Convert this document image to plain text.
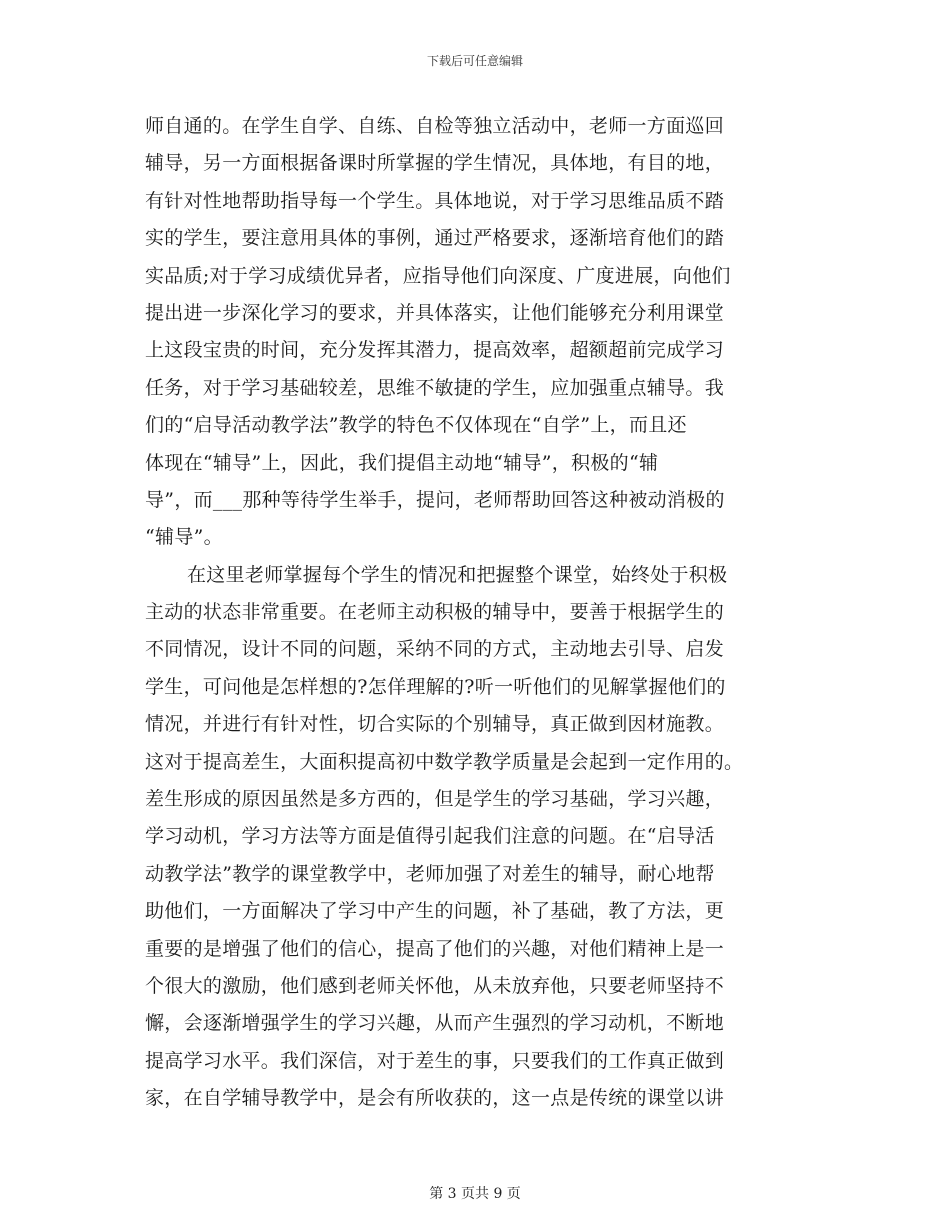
下载后可任意编辑
师自通的。在学生自学、自练、自检等独立活动中，老师一方面巡回
辅导，另一方面根据备课时所掌握的学生情况，具体地，有目的地，
有针对性地帮助指导每一个学生。具体地说，对于学习思维品质不踏
实的学生，要注意用具体的事例，通过严格要求，逐渐培育他们的踏
实品质;对于学习成绩优异者，应指导他们向深度、广度进展，向他们
提出进一步深化学习的要求，并具体落实，让他们能够充分利用课堂
上这段宝贵的时间，充分发挥其潜力，提高效率，超额超前完成学习
任务，对于学习基础较差，思维不敏捷的学生，应加强重点辅导。我
们的“启导活动教学法”教学的特色不仅体现在“自学”上，而且还
体现在“辅导”上，因此，我们提倡主动地“辅导”，积极的“辅
导”，而___那种等待学生举手，提问，老师帮助回答这种被动消极的
“辅导”。
在这里老师掌握每个学生的情况和把握整个课堂，始终处于积极
主动的状态非常重要。在老师主动积极的辅导中，要善于根据学生的
不同情况，设计不同的问题，采纳不同的方式，主动地去引导、启发
学生，可问他是怎样想的?怎佯理解的?听一听他们的见解掌握他们的
情况，并进行有针对性，切合实际的个别辅导，真正做到因材施教。
这对于提高差生，大面积提高初中数学教学质量是会起到一定作用的。
差生形成的原因虽然是多方西的，但是学生的学习基础，学习兴趣，
学习动机，学习方法等方面是值得引起我们注意的问题。在“启导活
动教学法”教学的课堂教学中，老师加强了对差生的辅导，耐心地帮
助他们，一方面解决了学习中产生的问题，补了基础，教了方法，更
重要的是增强了他们的信心，提高了他们的兴趣，对他们精神上是一
个很大的激励，他们感到老师关怀他，从未放弃他，只要老师坚持不
懈，会逐渐增强学生的学习兴趣，从而产生强烈的学习动机，不断地
提高学习水平。我们深信，对于差生的事，只要我们的工作真正做到
家，在自学辅导教学中，是会有所收获的，这一点是传统的课堂以讲
第 3 页共 9 页
